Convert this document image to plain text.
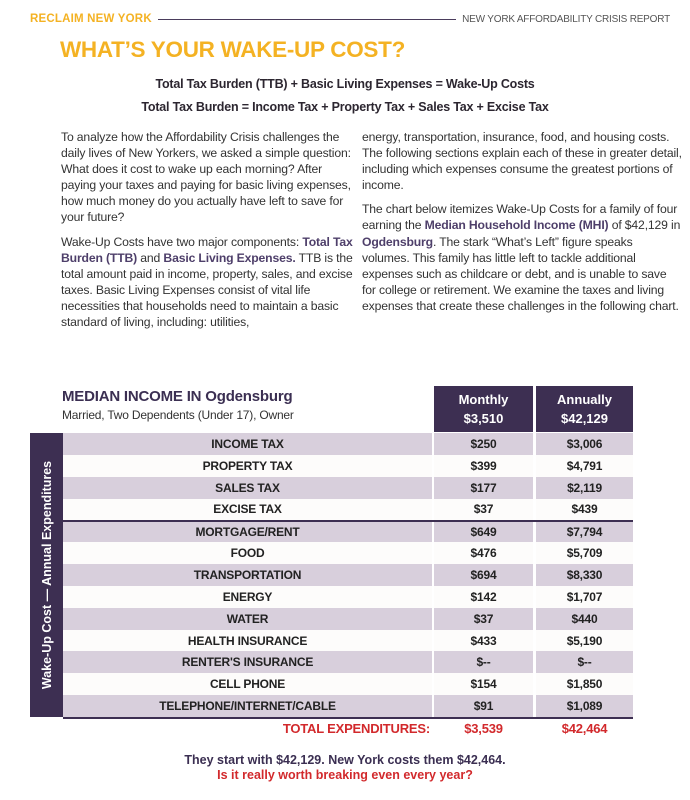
RECLAIM NEW YORK	NEW YORK AFFORDABILITY CRISIS REPORT
WHAT’S YOUR WAKE-UP COST?
Total Tax Burden (TTB) + Basic Living Expenses = Wake-Up Costs
Total Tax Burden = Income Tax + Property Tax + Sales Tax + Excise Tax

To analyze how the Affordability Crisis challenges the daily lives of New Yorkers, we asked a simple question: What does it cost to wake up each morning? After paying your taxes and paying for basic living expenses, how much money do you actually have left to save for your future?

Wake-Up Costs have two major components: Total Tax Burden (TTB) and Basic Living Expenses. TTB is the total amount paid in income, property, sales, and excise taxes. Basic Living Expenses consist of vital life necessities that households need to maintain a basic standard of living, including: utilities,

energy, transportation, insurance, food, and housing costs. The following sections explain each of these in greater detail, including which expenses consume the greatest portions of income.

The chart below itemizes Wake-Up Costs for a family of four earning the Median Household Income (MHI) of $42,129 in Ogdensburg. The stark “What’s Left” figure speaks volumes. This family has little left to tackle additional expenses such as childcare or debt, and is unable to save for college or retirement. We examine the taxes and living expenses that create these challenges in the following chart.

MEDIAN INCOME IN Ogdensburg
Married, Two Dependents (Under 17), Owner
Monthly
$3,510
Annually
$42,129
Wake-Up Cost — Annual Expenditures
INCOME TAX	$250	$3,006
PROPERTY TAX	$399	$4,791
SALES TAX	$177	$2,119
EXCISE TAX	$37	$439
MORTGAGE/RENT	$649	$7,794
FOOD	$476	$5,709
TRANSPORTATION	$694	$8,330
ENERGY	$142	$1,707
WATER	$37	$440
HEALTH INSURANCE	$433	$5,190
RENTER'S INSURANCE	$--	$--
CELL PHONE	$154	$1,850
TELEPHONE/INTERNET/CABLE	$91	$1,089
TOTAL EXPENDITURES:	$3,539	$42,464
They start with $42,129. New York costs them $42,464.
Is it really worth breaking even every year?
